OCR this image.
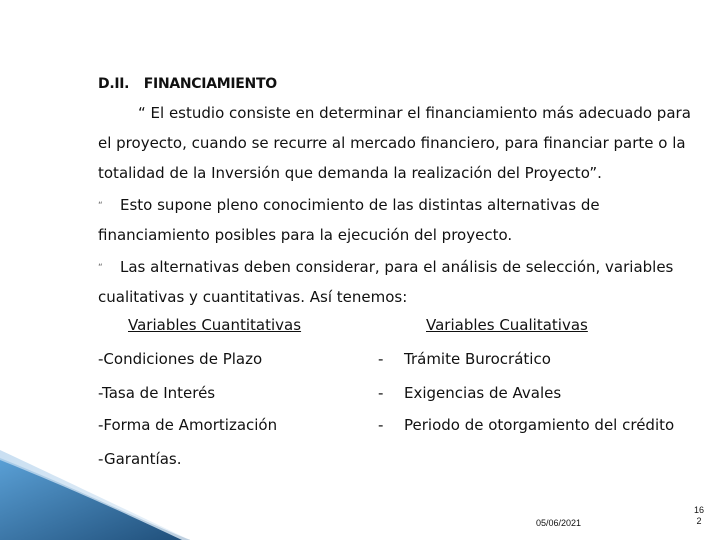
D.II. FINANCIAMIENTO
“ El estudio consiste en determinar el financiamiento más adecuado para el proyecto, cuando se recurre al mercado financiero, para financiar parte o la totalidad de la Inversión que demanda la realización del Proyecto”.
“ Esto supone pleno conocimiento de las distintas alternativas de
financiamiento posibles para la ejecución del proyecto.
“ Las alternativas deben considerar, para el análisis de selección, variables
cualitativas y cuantitativas. Así tenemos:
Variables Cuantitativas	Variables Cualitativas
-Condiciones de Plazo
-Tasa de Interés
-Forma de Amortización
-Garantías.
- Trámite Burocrático
- Exigencias de Avales
- Periodo de otorgamiento del crédito
05/06/2021
16
2
